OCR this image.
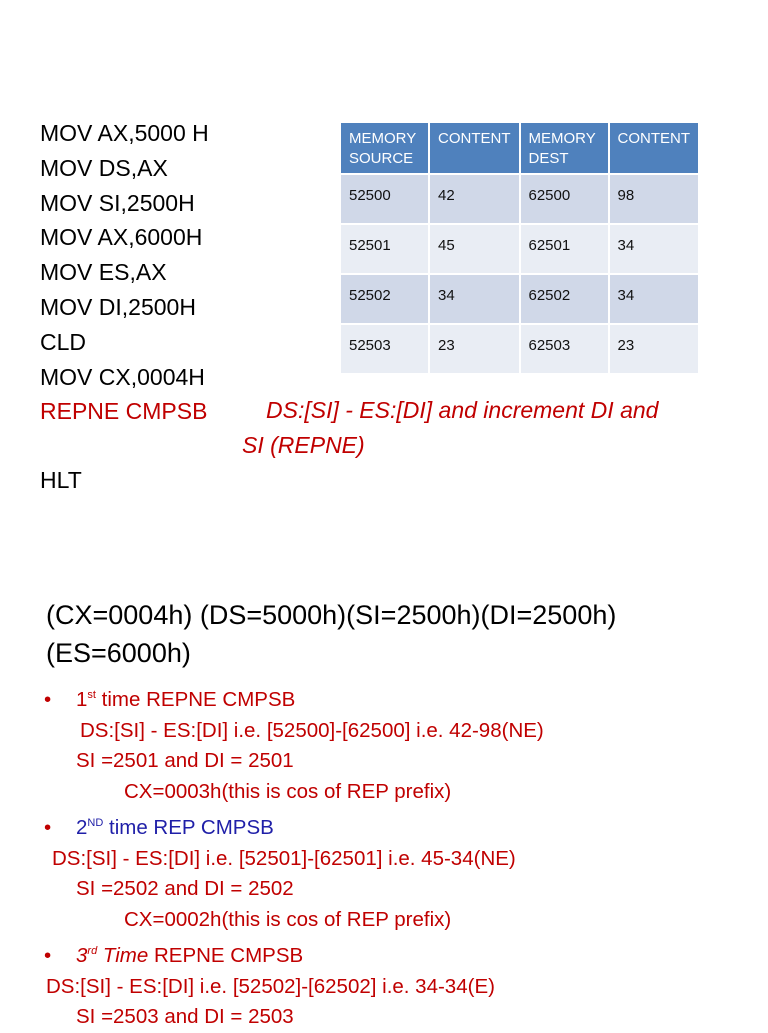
MOV AX,5000 H
MOV DS,AX
MOV SI,2500H
MOV AX,6000H
MOV ES,AX
MOV DI,2500H
CLD
MOV CX,0004H
REPNE CMPSB	DS:[SI] - ES:[DI] and increment DI and SI (REPNE)
HLT
MEMORY SOURCE	CONTENT	MEMORY DEST	CONTENT
52500	42	62500	98
52501	45	62501	34
52502	34	62502	34
52503	23	62503	23
(CX=0004h) (DS=5000h)(SI=2500h)(DI=2500h) (ES=6000h)
• 1st time REPNE CMPSB
DS:[SI] - ES:[DI] i.e. [52500]-[62500] i.e. 42-98(NE)
SI =2501 and DI = 2501
CX=0003h(this is cos of REP prefix)
• 2ND time REP CMPSB
DS:[SI] - ES:[DI] i.e. [52501]-[62501] i.e. 45-34(NE)
SI =2502 and DI = 2502
CX=0002h(this is cos of REP prefix)
• 3rd Time REPNE CMPSB
DS:[SI] - ES:[DI] i.e. [52502]-[62502] i.e. 34-34(E)
SI =2503 and DI = 2503
